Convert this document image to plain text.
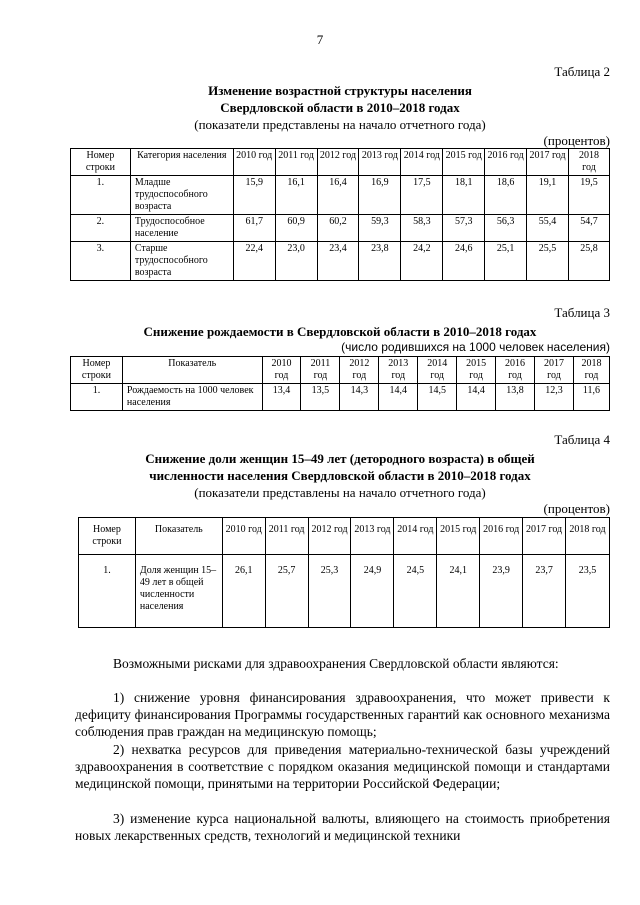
7
Таблица 2
Изменение возрастной структуры населения
Свердловской области в 2010–2018 годах
(показатели представлены на начало отчетного года)
(процентов)
Номер строки	Категория населения	2010 год	2011 год	2012 год	2013 год	2014 год	2015 год	2016 год	2017 год	2018 год
1.	Младше трудоспособного возраста	15,9	16,1	16,4	16,9	17,5	18,1	18,6	19,1	19,5
2.	Трудоспособное население	61,7	60,9	60,2	59,3	58,3	57,3	56,3	55,4	54,7
3.	Старше трудоспособного возраста	22,4	23,0	23,4	23,8	24,2	24,6	25,1	25,5	25,8
Таблица 3
Снижение рождаемости в Свердловской области в 2010–2018 годах
(число родившихся на 1000 человек населения)
Номер строки	Показатель	2010 год	2011 год	2012 год	2013 год	2014 год	2015 год	2016 год	2017 год	2018 год
1.	Рождаемость на 1000 человек населения	13,4	13,5	14,3	14,4	14,5	14,4	13,8	12,3	11,6
Таблица 4
Снижение доли женщин 15–49 лет (детородного возраста) в общей
численности населения Свердловской области в 2010–2018 годах
(показатели представлены на начало отчетного года)
(процентов)
Номер строки	Показатель	2010 год	2011 год	2012 год	2013 год	2014 год	2015 год	2016 год	2017 год	2018 год
1.	Доля женщин 15–49 лет в общей численности населения	26,1	25,7	25,3	24,9	24,5	24,1	23,9	23,7	23,5
Возможными рисками для здравоохранения Свердловской области являются:
1) снижение уровня финансирования здравоохранения, что может привести к дефициту финансирования Программы государственных гарантий как основного механизма соблюдения прав граждан на медицинскую помощь;
2) нехватка ресурсов для приведения материально-технической базы учреждений здравоохранения в соответствие с порядком оказания медицинской помощи и стандартами медицинской помощи, принятыми на территории Российской Федерации;
3) изменение курса национальной валюты, влияющего на стоимость приобретения новых лекарственных средств, технологий и медицинской техники
